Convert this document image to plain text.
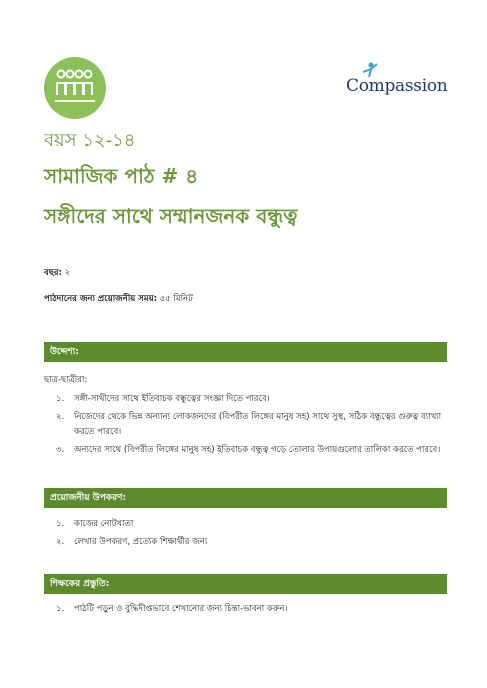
Compassion
বয়স ১২-১৪
সামাজিক পাঠ # ৪
সঙ্গীদের সাথে সম্মানজনক বন্ধুত্ব
বছর: ২
পাঠদানের জন্য প্রয়োজনীয় সময়: ৫৫ মিনিট
উদ্দেশ্য:
ছাত্র-ছাত্রীরা:
১. সঙ্গী-সাথীদের সাথে ইতিবাচক বন্ধুত্বের সংজ্ঞা দিতে পারবে।
২. নিজেদের থেকে ভিন্ন অন্যান্য লোকজনদের (বিপরীত লিঙ্গের মানুষ সহ) সাথে সুস্থ, সঠিক বন্ধুত্বের গুরুত্ব ব্যাখ্যা করতে পারবে।
৩. অন্যদের সাথে (বিপরীত লিঙ্গের মানুষ সহ) ইতিবাচক বন্ধুত্ব গড়ে তোলার উপায়গুলোর তালিকা করতে পারবে।
প্রয়োজনীয় উপকরণ:
১. কাজের নোটখাতা
২. লেখার উপকরণ, প্রত্যেক শিক্ষার্থীর জন্য
শিক্ষকের প্রস্তুতি:
১. পাঠটি পড়ুন ও বুদ্ধিদীপ্তভাবে শেখানোর জন্য চিন্তা-ভাবনা করুন।
